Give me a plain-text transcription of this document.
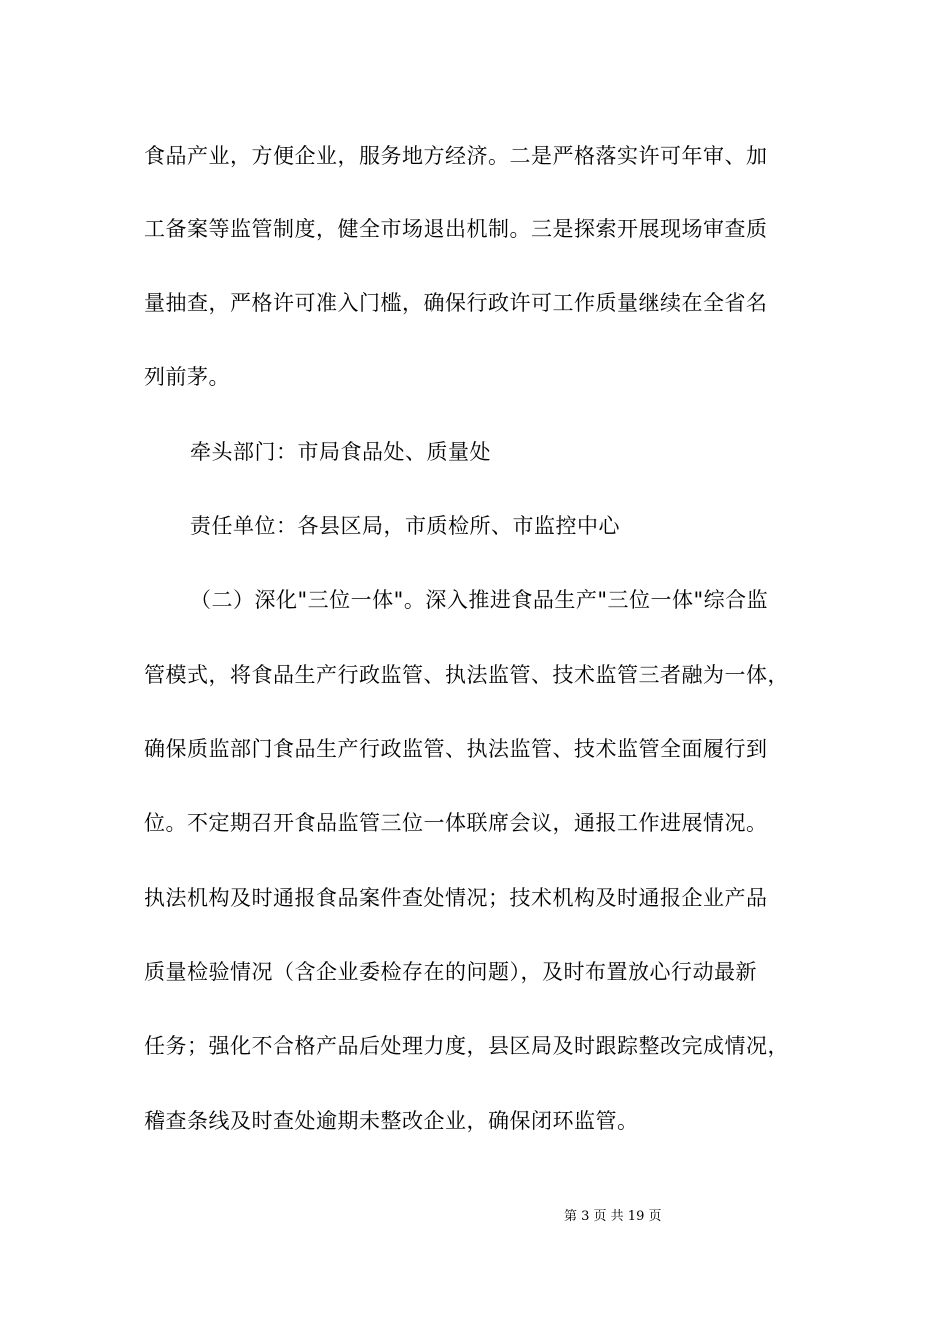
食品产业，方便企业，服务地方经济。二是严格落实许可年审、加
工备案等监管制度，健全市场退出机制。三是探索开展现场审查质
量抽查，严格许可准入门槛，确保行政许可工作质量继续在全省名
列前茅。
牵头部门：市局食品处、质量处
责任单位：各县区局，市质检所、市监控中心
（二）深化"三位一体"。深入推进食品生产"三位一体"综合监
管模式，将食品生产行政监管、执法监管、技术监管三者融为一体，
确保质监部门食品生产行政监管、执法监管、技术监管全面履行到
位。不定期召开食品监管三位一体联席会议，通报工作进展情况。
执法机构及时通报食品案件查处情况；技术机构及时通报企业产品
质量检验情况（含企业委检存在的问题），及时布置放心行动最新
任务；强化不合格产品后处理力度，县区局及时跟踪整改完成情况，
稽查条线及时查处逾期未整改企业，确保闭环监管。
第 3 页 共 19 页
